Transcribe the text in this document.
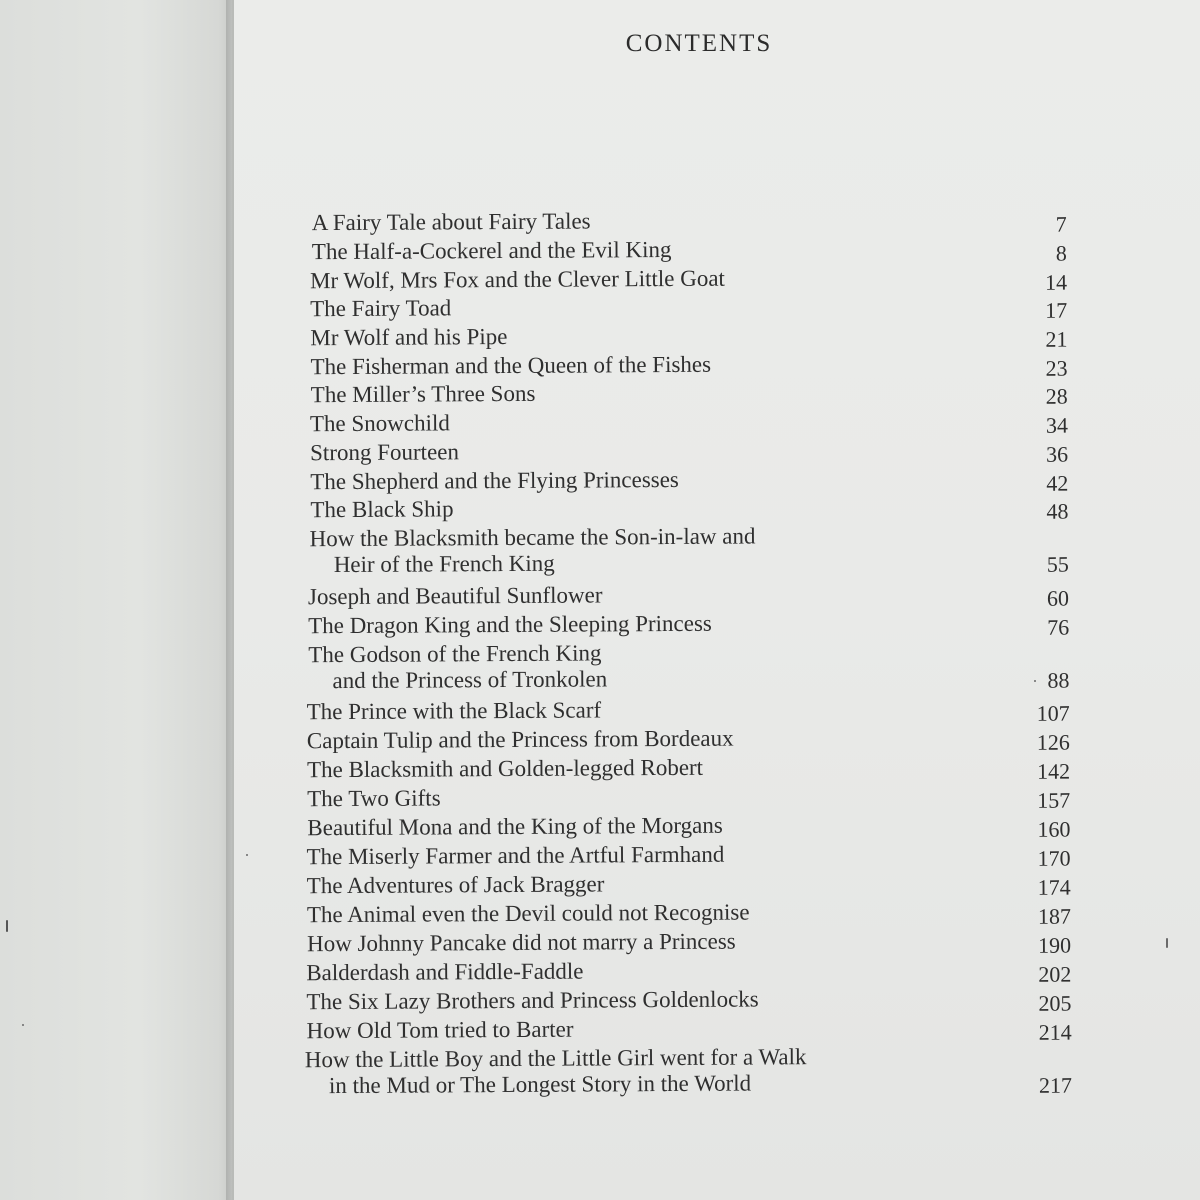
CONTENTS
A Fairy Tale about Fairy Tales	7
The Half-a-Cockerel and the Evil King	8
Mr Wolf, Mrs Fox and the Clever Little Goat	14
The Fairy Toad	17
Mr Wolf and his Pipe	21
The Fisherman and the Queen of the Fishes	23
The Miller’s Three Sons	28
The Snowchild	34
Strong Fourteen	36
The Shepherd and the Flying Princesses	42
The Black Ship	48
How the Blacksmith became the Son-in-law and
Heir of the French King	55
Joseph and Beautiful Sunflower	60
The Dragon King and the Sleeping Princess	76
The Godson of the French King
and the Princess of Tronkolen	88
The Prince with the Black Scarf	107
Captain Tulip and the Princess from Bordeaux	126
The Blacksmith and Golden-legged Robert	142
The Two Gifts	157
Beautiful Mona and the King of the Morgans	160
The Miserly Farmer and the Artful Farmhand	170
The Adventures of Jack Bragger	174
The Animal even the Devil could not Recognise	187
How Johnny Pancake did not marry a Princess	190
Balderdash and Fiddle-Faddle	202
The Six Lazy Brothers and Princess Goldenlocks	205
How Old Tom tried to Barter	214
How the Little Boy and the Little Girl went for a Walk
in the Mud or The Longest Story in the World	217
